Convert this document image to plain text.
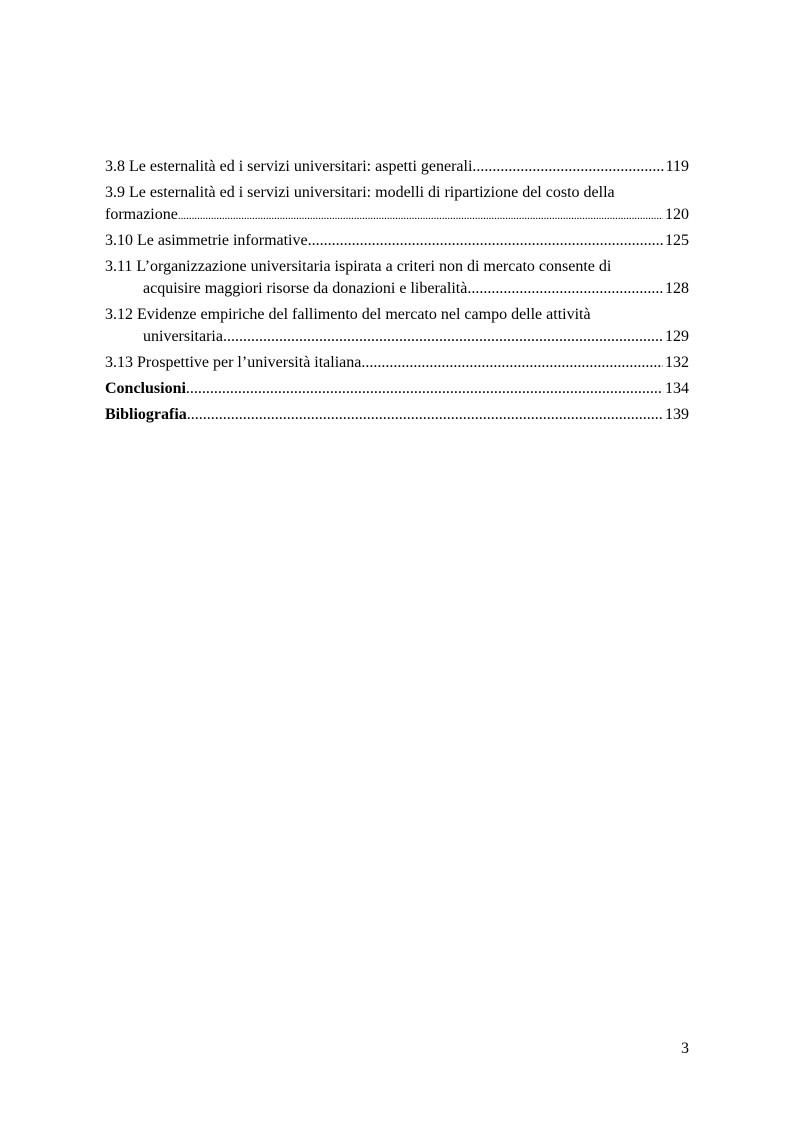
3.8 Le esternalità ed i servizi universitari: aspetti generali .....	119
3.9 Le esternalità ed i servizi universitari: modelli di ripartizione del costo della
formazione .....	120
3.10 Le asimmetrie informative .....	125
3.11 L’organizzazione universitaria ispirata a criteri non di mercato consente di
acquisire maggiori risorse da donazioni e liberalità. .....	128
3.12 Evidenze empiriche del fallimento del mercato nel campo delle attività
universitaria. .....	129
3.13 Prospettive per l’università italiana .....	132
Conclusioni .....	134
Bibliografia .....	139
3
